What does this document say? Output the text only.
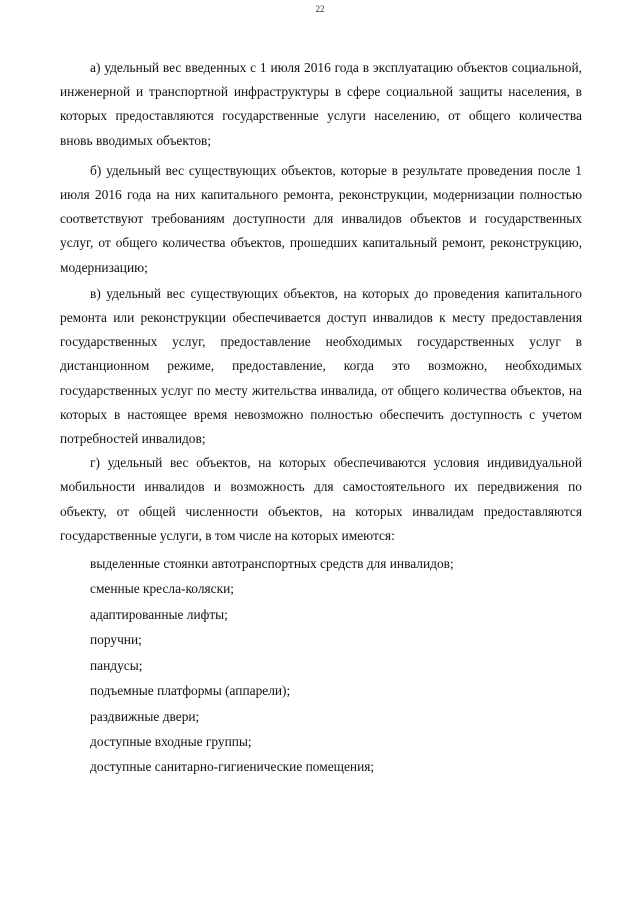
22

а) удельный вес введенных с 1 июля 2016 года в эксплуатацию объектов социальной, инженерной и транспортной инфраструктуры в сфере социальной защиты населения, в которых предоставляются государственные услуги населению, от общего количества вновь вводимых объектов;

б) удельный вес существующих объектов, которые в результате проведения после 1 июля 2016 года на них капитального ремонта, реконструкции, модернизации полностью соответствуют требованиям доступности для инвалидов объектов и государственных услуг, от общего количества объектов, прошедших капитальный ремонт, реконструкцию, модернизацию;

в) удельный вес существующих объектов, на которых до проведения капитального ремонта или реконструкции обеспечивается доступ инвалидов к месту предоставления государственных услуг, предоставление необходимых государственных услуг в дистанционном режиме, предоставление, когда это возможно, необходимых государственных услуг по месту жительства инвалида, от общего количества объектов, на которых в настоящее время невозможно полностью обеспечить доступность с учетом потребностей инвалидов;

г) удельный вес объектов, на которых обеспечиваются условия индивидуальной мобильности инвалидов и возможность для самостоятельного их передвижения по объекту, от общей численности объектов, на которых инвалидам предоставляются государственные услуги, в том числе на которых имеются:

выделенные стоянки автотранспортных средств для инвалидов;
сменные кресла-коляски;
адаптированные лифты;
поручни;
пандусы;
подъемные платформы (аппарели);
раздвижные двери;
доступные входные группы;
доступные санитарно-гигиенические помещения;
